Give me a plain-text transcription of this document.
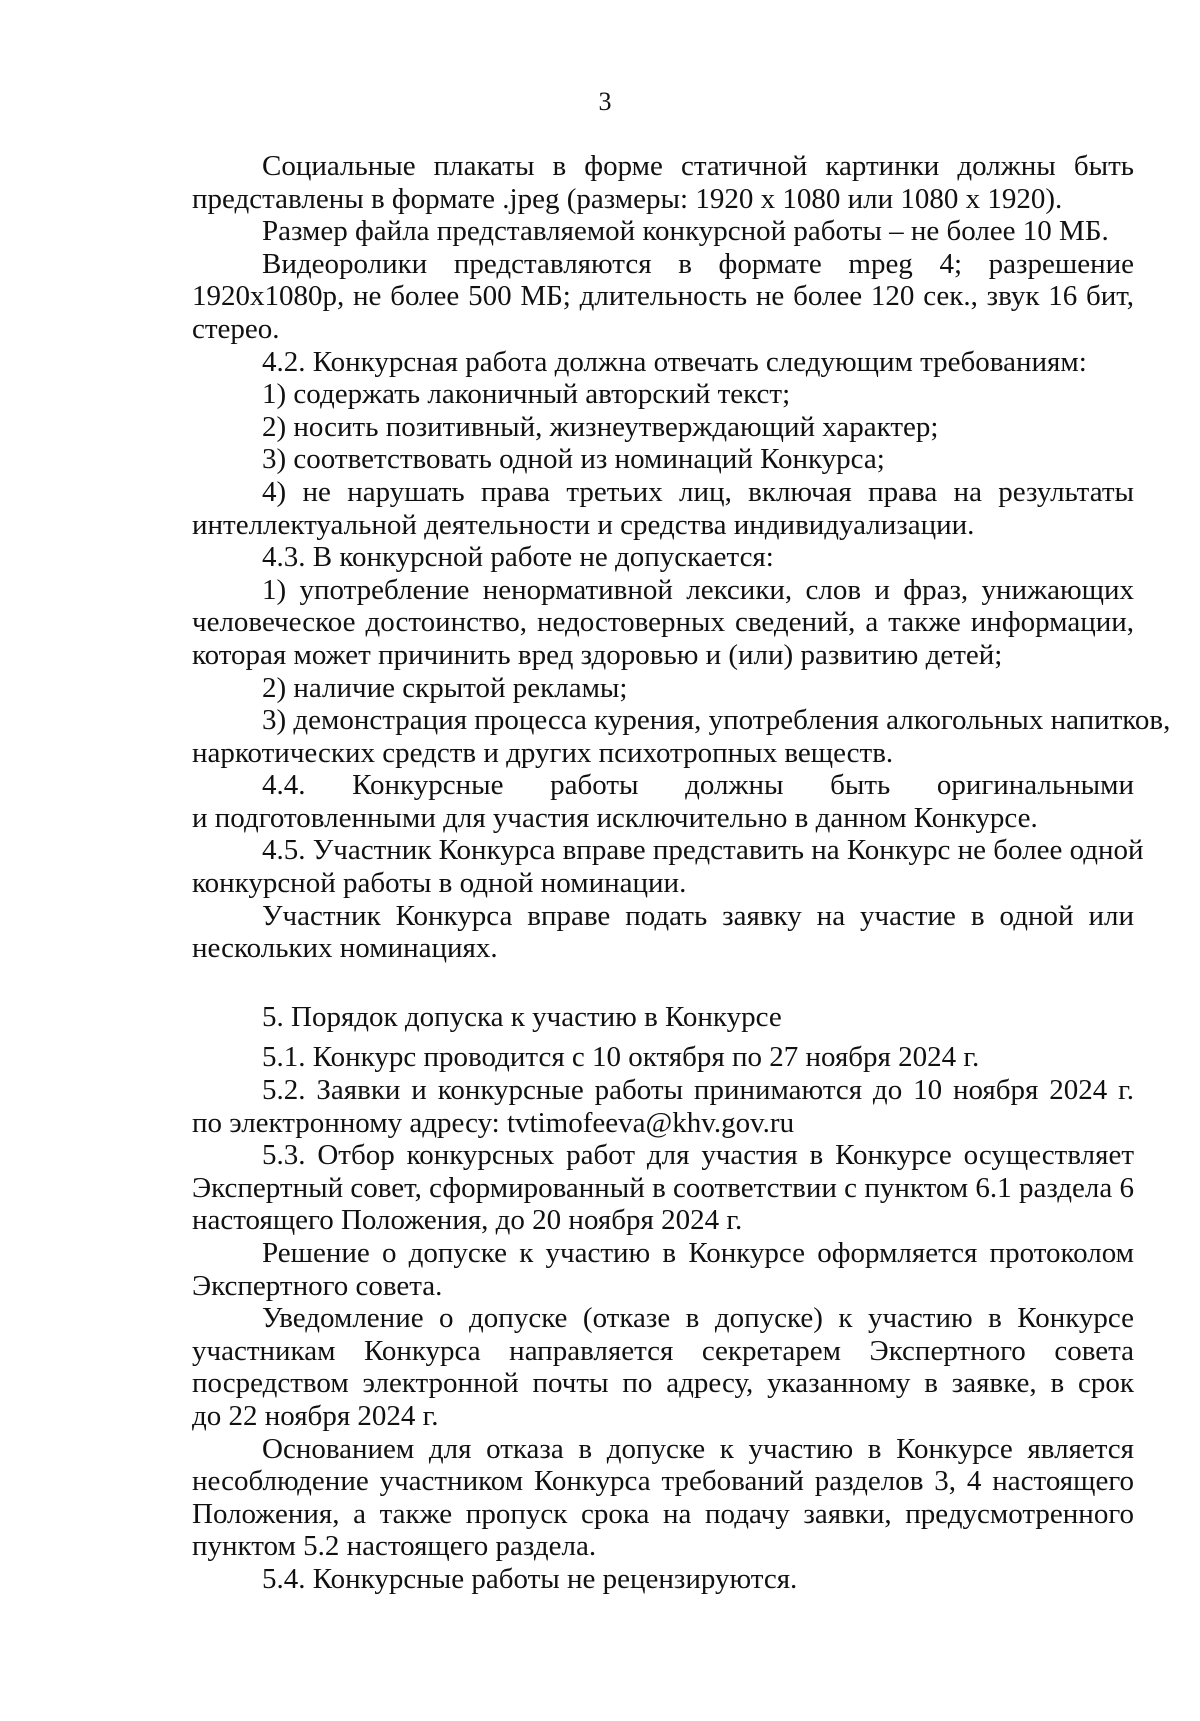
3
Социальные плакаты в форме статичной картинки должны быть
представлены в формате .jpeg (размеры: 1920 x 1080 или 1080 x 1920).
Размер файла представляемой конкурсной работы – не более 10 МБ.
Видеоролики представляются в формате mpeg 4; разрешение
1920x1080p, не более 500 МБ; длительность не более 120 сек., звук 16 бит,
стерео.
4.2. Конкурсная работа должна отвечать следующим требованиям:
1) содержать лаконичный авторский текст;
2) носить позитивный, жизнеутверждающий характер;
3) соответствовать одной из номинаций Конкурса;
4) не нарушать права третьих лиц, включая права на результаты
интеллектуальной деятельности и средства индивидуализации.
4.3. В конкурсной работе не допускается:
1) употребление ненормативной лексики, слов и фраз, унижающих
человеческое достоинство, недостоверных сведений, а также информации,
которая может причинить вред здоровью и (или) развитию детей;
2) наличие скрытой рекламы;
3) демонстрация процесса курения, употребления алкогольных напитков,
наркотических средств и других психотропных веществ.
4.4. Конкурсные работы должны быть оригинальными
и подготовленными для участия исключительно в данном Конкурсе.
4.5. Участник Конкурса вправе представить на Конкурс не более одной
конкурсной работы в одной номинации.
Участник Конкурса вправе подать заявку на участие в одной или
нескольких номинациях.
5. Порядок допуска к участию в Конкурсе
5.1. Конкурс проводится с 10 октября по 27 ноября 2024 г.
5.2. Заявки и конкурсные работы принимаются до 10 ноября 2024 г.
по электронному адресу: tvtimofeeva@khv.gov.ru
5.3. Отбор конкурсных работ для участия в Конкурсе осуществляет
Экспертный совет, сформированный в соответствии с пунктом 6.1 раздела 6
настоящего Положения, до 20 ноября 2024 г.
Решение о допуске к участию в Конкурсе оформляется протоколом
Экспертного совета.
Уведомление о допуске (отказе в допуске) к участию в Конкурсе
участникам Конкурса направляется секретарем Экспертного совета
посредством электронной почты по адресу, указанному в заявке, в срок
до 22 ноября 2024 г.
Основанием для отказа в допуске к участию в Конкурсе является
несоблюдение участником Конкурса требований разделов 3, 4 настоящего
Положения, а также пропуск срока на подачу заявки, предусмотренного
пунктом 5.2 настоящего раздела.
5.4. Конкурсные работы не рецензируются.
